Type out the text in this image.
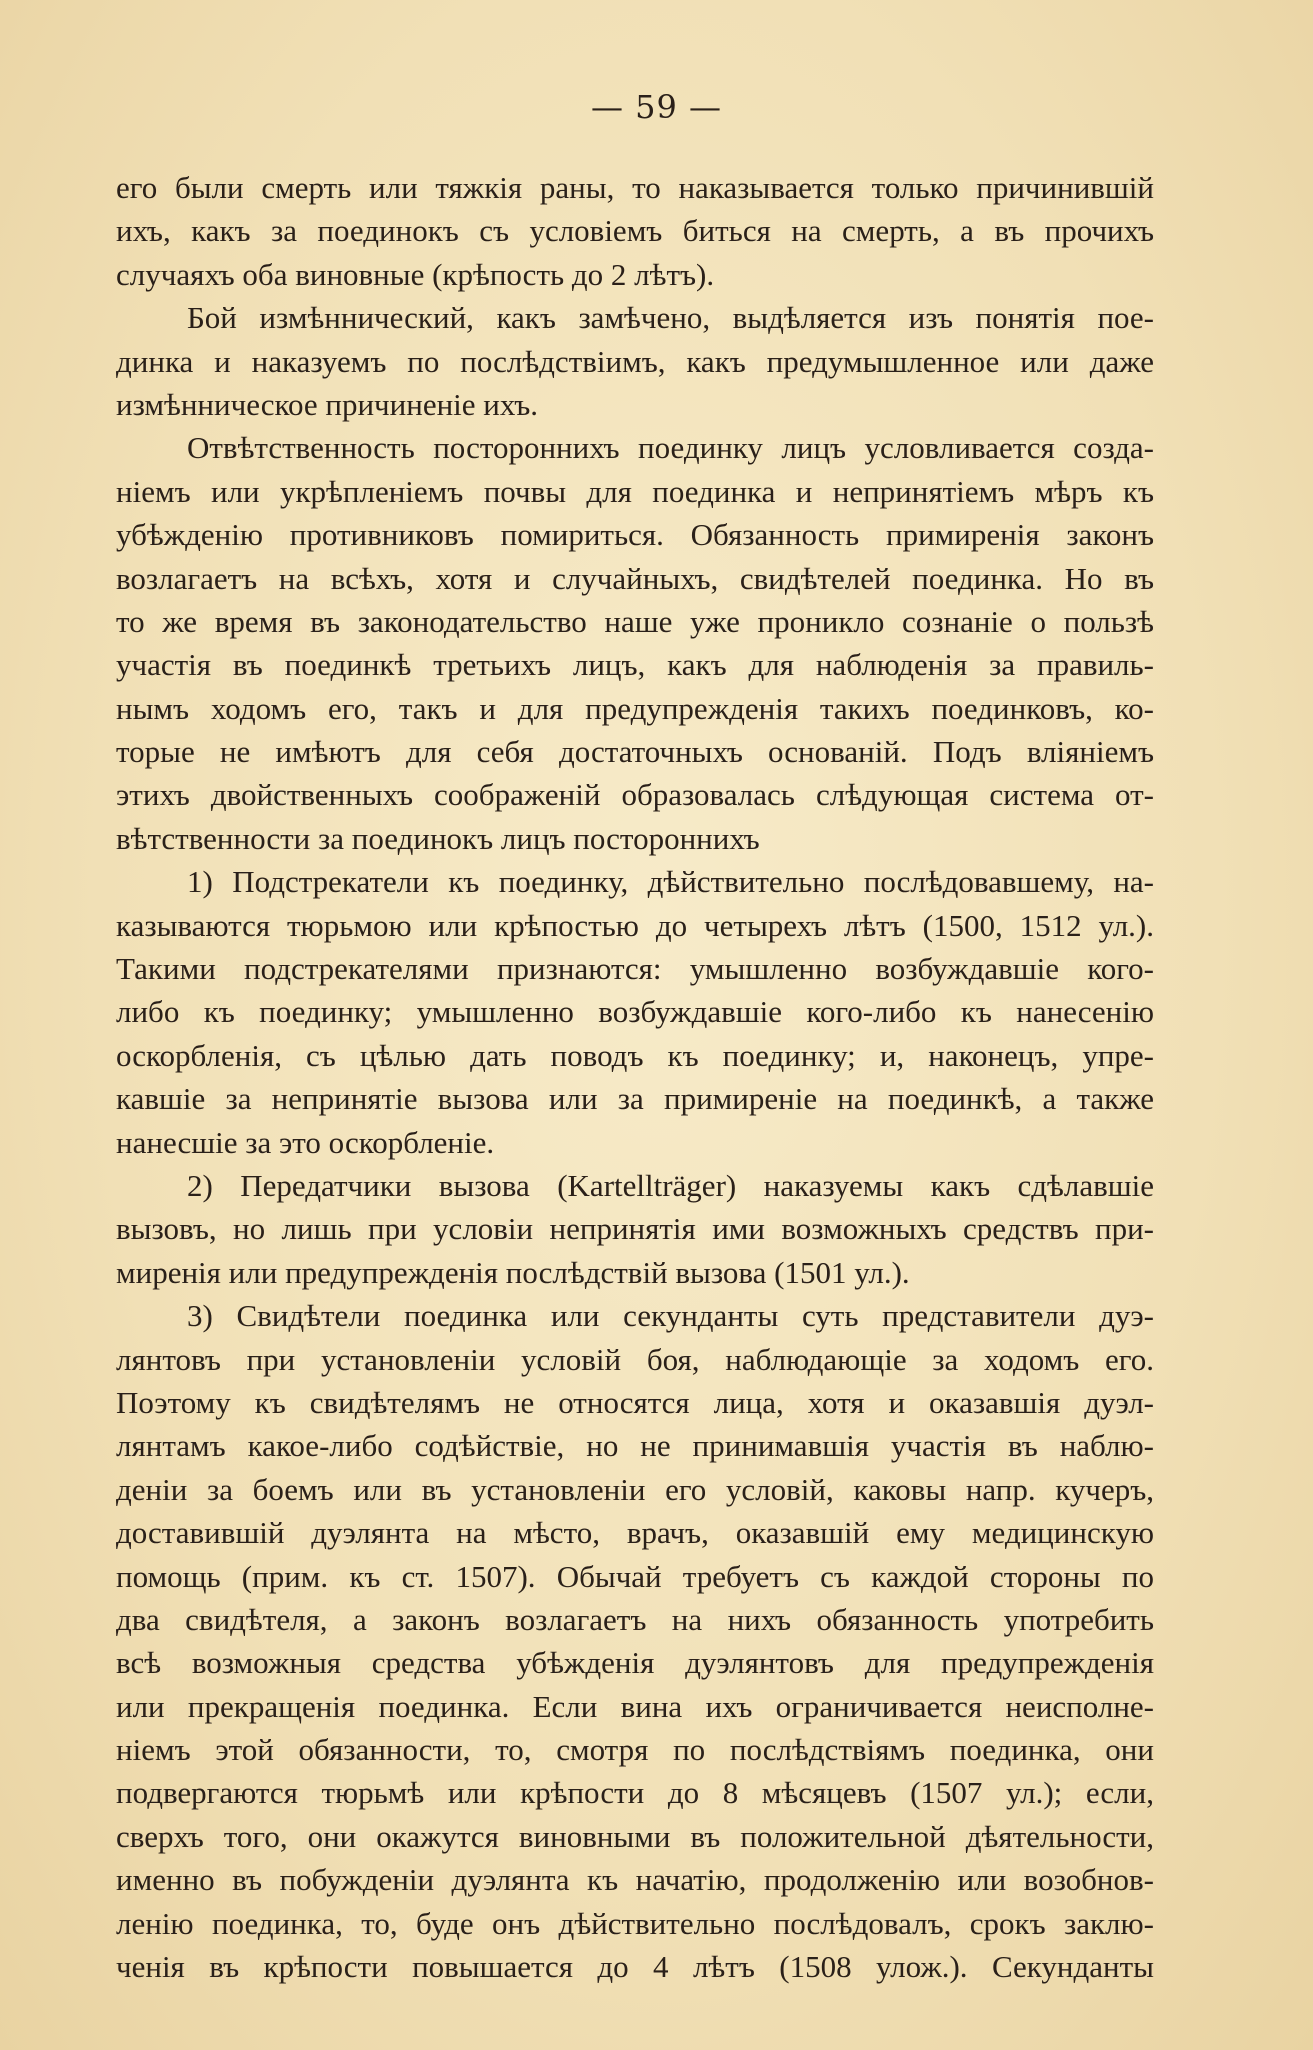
— 59 —
его были смерть или тяжкія раны, то наказывается только причинившій
ихъ, какъ за поединокъ съ условіемъ биться на смерть, а въ прочихъ
случаяхъ оба виновные (крѣпость до 2 лѣтъ).
Бой измѣннический, какъ замѣчено, выдѣляется изъ понятія пое-
динка и наказуемъ по послѣдствіимъ, какъ предумышленное или даже
измѣнническое причиненіе ихъ.
Отвѣтственность постороннихъ поединку лицъ условливается созда-
ніемъ или укрѣпленіемъ почвы для поединка и непринятіемъ мѣръ къ
убѣжденію противниковъ помириться. Обязанность примиренія законъ
возлагаетъ на всѣхъ, хотя и случайныхъ, свидѣтелей поединка. Но въ
то же время въ законодательство наше уже проникло сознаніе о пользѣ
участія въ поединкѣ третьихъ лицъ, какъ для наблюденія за правиль-
нымъ ходомъ его, такъ и для предупрежденія такихъ поединковъ, ко-
торые не имѣютъ для себя достаточныхъ основаній. Подъ вліяніемъ
этихъ двойственныхъ соображеній образовалась слѣдующая система от-
вѣтственности за поединокъ лицъ постороннихъ
1) Подстрекатели къ поединку, дѣйствительно послѣдовавшему, на-
казываются тюрьмою или крѣпостью до четырехъ лѣтъ (1500, 1512 ул.).
Такими подстрекателями признаются: умышленно возбуждавшіе кого-
либо къ поединку; умышленно возбуждавшіе кого-либо къ нанесенію
оскорбленія, съ цѣлью дать поводъ къ поединку; и, наконецъ, упре-
кавшіе за непринятіе вызова или за примиреніе на поединкѣ, а также
нанесшіе за это оскорбленіе.
2) Передатчики вызова (Kartellträger) наказуемы какъ сдѣлавшіе
вызовъ, но лишь при условіи непринятія ими возможныхъ средствъ при-
миренія или предупрежденія послѣдствій вызова (1501 ул.).
3) Свидѣтели поединка или секунданты суть представители дуэ-
лянтовъ при установленіи условій боя, наблюдающіе за ходомъ его.
Поэтому къ свидѣтелямъ не относятся лица, хотя и оказавшія дуэл-
лянтамъ какое-либо содѣйствіе, но не принимавшія участія въ наблю-
деніи за боемъ или въ установленіи его условій, каковы напр. кучеръ,
доставившій дуэлянта на мѣсто, врачъ, оказавшій ему медицинскую
помощь (прим. къ ст. 1507). Обычай требуетъ съ каждой стороны по
два свидѣтеля, а законъ возлагаетъ на нихъ обязанность употребить
всѣ возможныя средства убѣжденія дуэлянтовъ для предупрежденія
или прекращенія поединка. Если вина ихъ ограничивается неисполне-
ніемъ этой обязанности, то, смотря по послѣдствіямъ поединка, они
подвергаются тюрьмѣ или крѣпости до 8 мѣсяцевъ (1507 ул.); если,
сверхъ того, они окажутся виновными въ положительной дѣятельности,
именно въ побужденіи дуэлянта къ начатію, продолженію или возобнов-
ленію поединка, то, буде онъ дѣйствительно послѣдовалъ, срокъ заклю-
ченія въ крѣпости повышается до 4 лѣтъ (1508 улож.). Секунданты
